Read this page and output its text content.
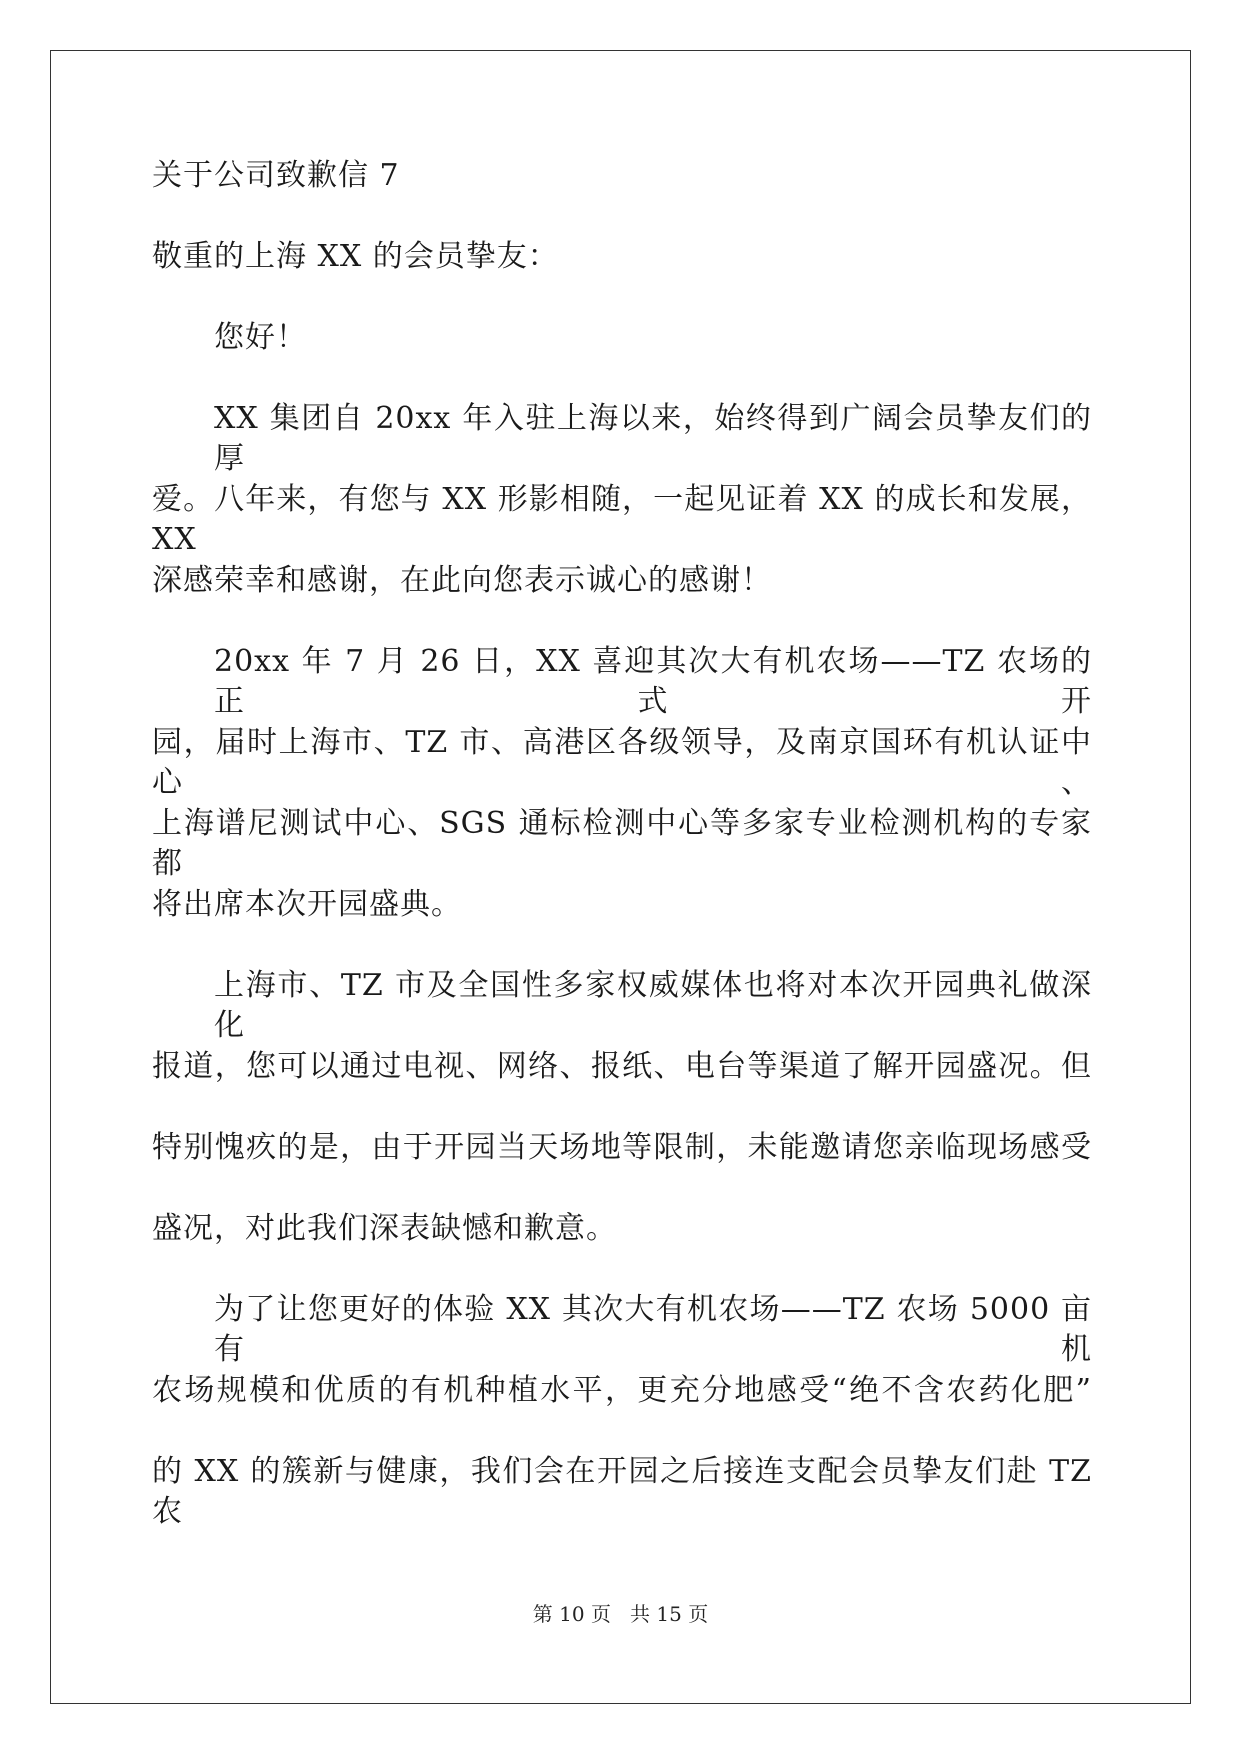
关于公司致歉信 7
敬重的上海 XX 的会员挚友：
您好！
XX 集团自 20xx 年入驻上海以来，始终得到广阔会员挚友们的厚
爱。八年来，有您与 XX 形影相随，一起见证着 XX 的成长和发展，XX
深感荣幸和感谢，在此向您表示诚心的感谢！
20xx 年 7 月 26 日，XX 喜迎其次大有机农场——TZ 农场的正式开
园，届时上海市、TZ 市、高港区各级领导，及南京国环有机认证中心、
上海谱尼测试中心、SGS 通标检测中心等多家专业检测机构的专家都
将出席本次开园盛典。
上海市、TZ 市及全国性多家权威媒体也将对本次开园典礼做深化
报道，您可以通过电视、网络、报纸、电台等渠道了解开园盛况。但
特别愧疚的是，由于开园当天场地等限制，未能邀请您亲临现场感受
盛况，对此我们深表缺憾和歉意。
为了让您更好的体验 XX 其次大有机农场——TZ 农场 5000 亩有机
农场规模和优质的有机种植水平，更充分地感受“绝不含农药化肥”
的 XX 的簇新与健康，我们会在开园之后接连支配会员挚友们赴 TZ 农
第 10 页 共 15 页
